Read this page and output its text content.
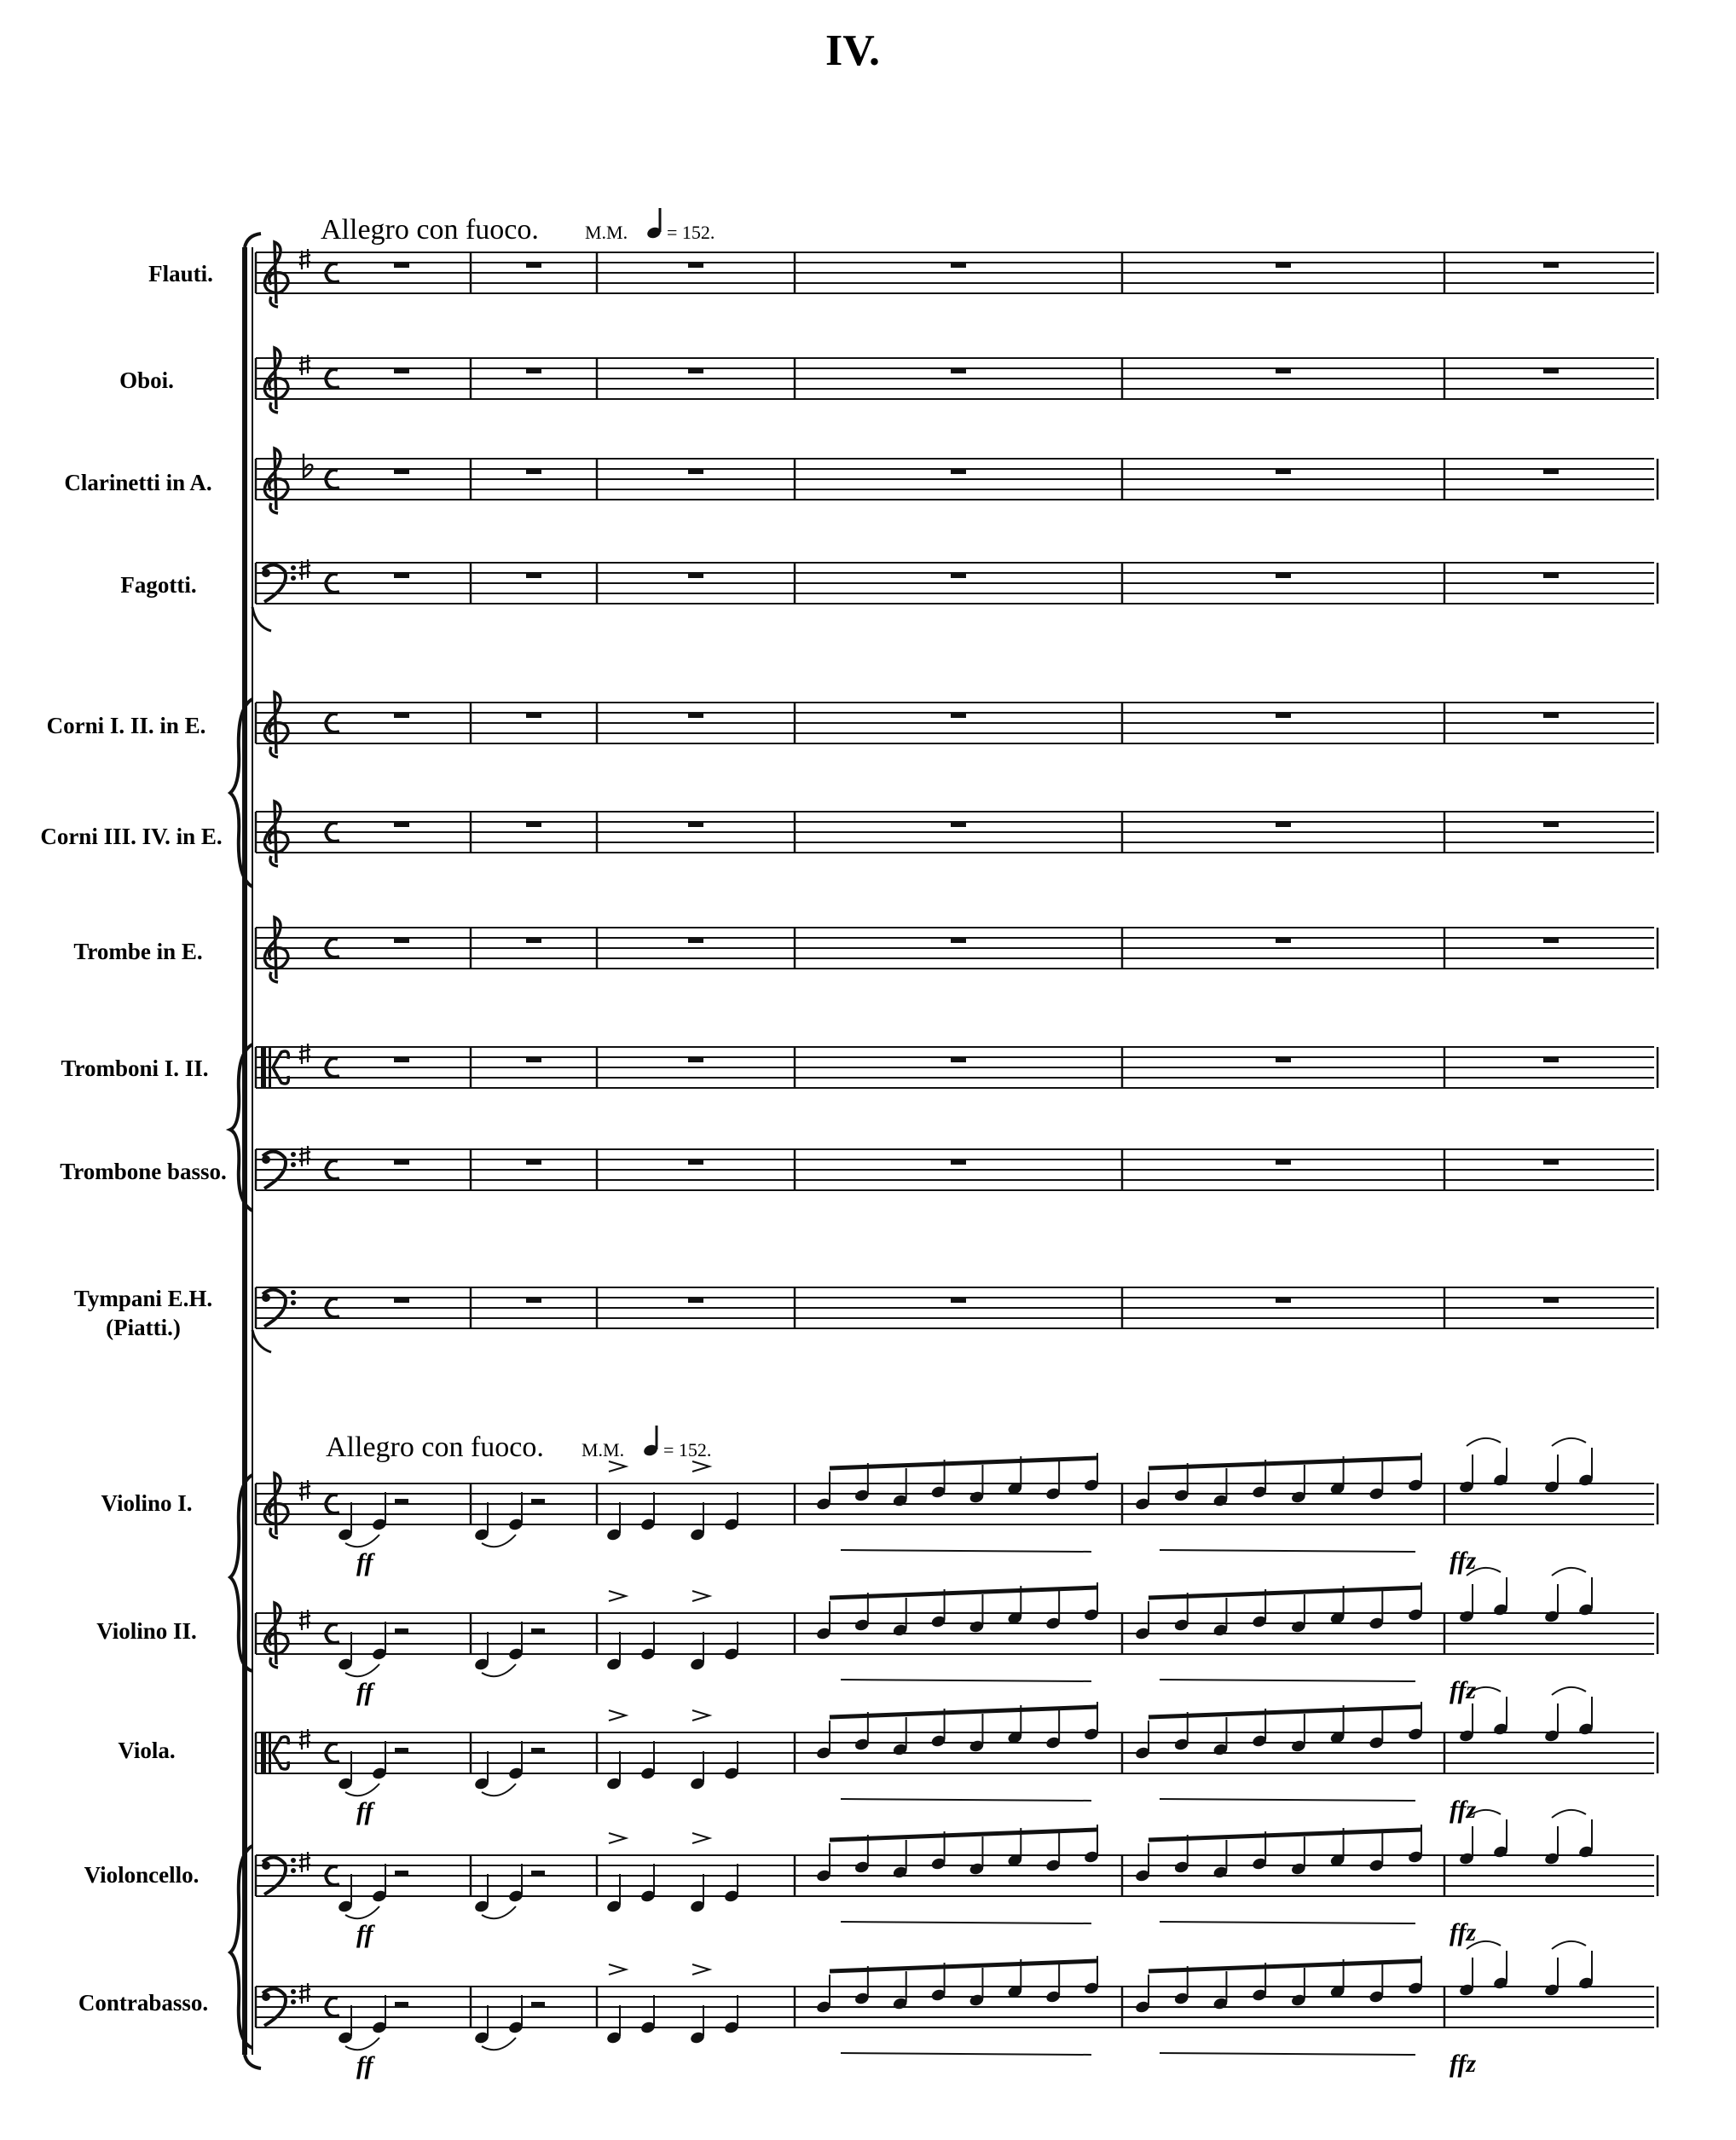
IV.
Allegro con fuoco. M.M. = 152.
Allegro con fuoco. M.M. = 152.
Flauti.
Oboi.
Clarinetti in A.
Fagotti.
Corni I. II. in E.
Corni III. IV. in E.
Trombe in E.
Tromboni I. II.
Trombone basso.
Tympani E.H.
(Piatti.)
Violino I.
Violino II.
Viola.
Violoncello.
Contrabasso.
ff	ffz
ff	ffz
ff	ffz
ff	ffz
ff	ffz
